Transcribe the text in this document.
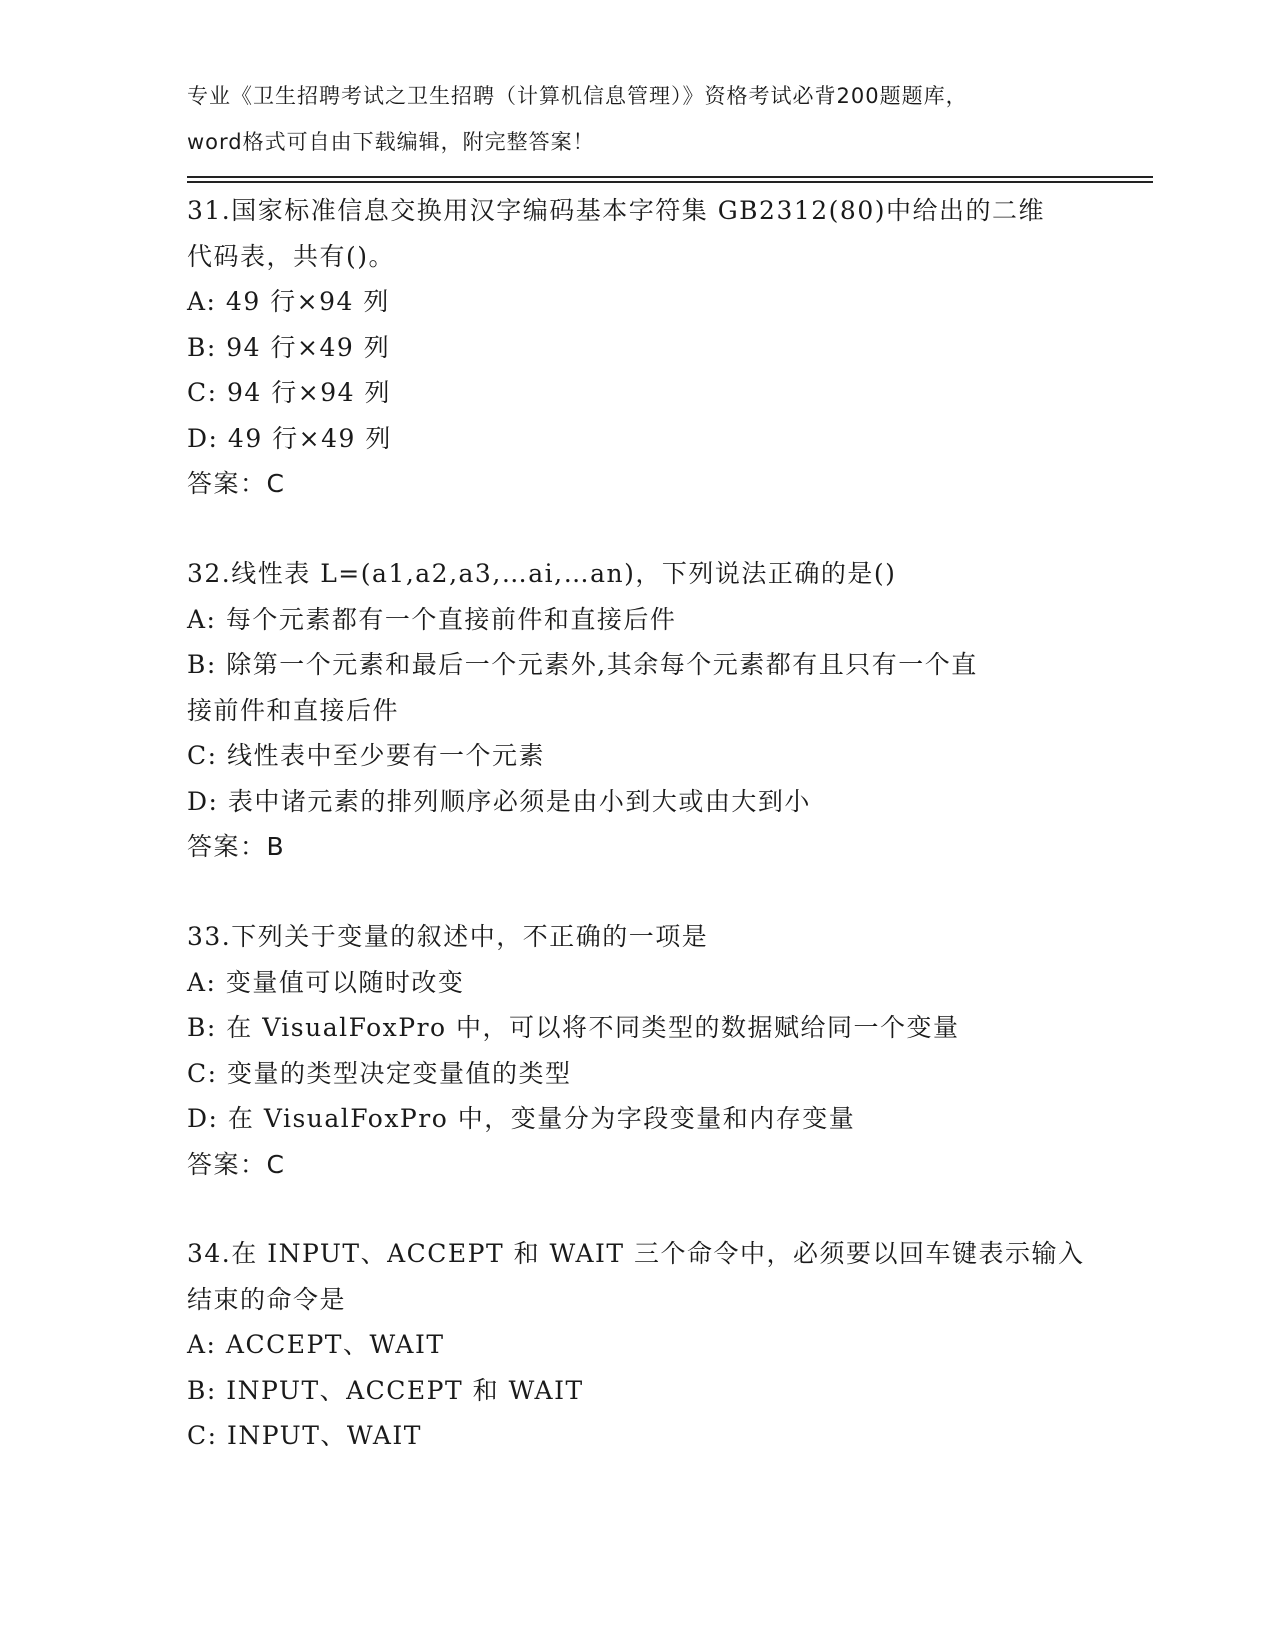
专业《卫生招聘考试之卫生招聘（计算机信息管理）》资格考试必背200题题库，
word格式可自由下载编辑，附完整答案！
31.国家标准信息交换用汉字编码基本字符集 GB2312(80)中给出的二维
代码表，共有()。
A: 49 行×94 列
B: 94 行×49 列
C: 94 行×94 列
D: 49 行×49 列
答案：C
32.线性表 L=(a1,a2,a3,…ai,…an)，下列说法正确的是()
A: 每个元素都有一个直接前件和直接后件
B: 除第一个元素和最后一个元素外,其余每个元素都有且只有一个直
接前件和直接后件
C: 线性表中至少要有一个元素
D: 表中诸元素的排列顺序必须是由小到大或由大到小
答案：B
33.下列关于变量的叙述中，不正确的一项是
A: 变量值可以随时改变
B: 在 VisualFoxPro 中，可以将不同类型的数据赋给同一个变量
C: 变量的类型决定变量值的类型
D: 在 VisualFoxPro 中，变量分为字段变量和内存变量
答案：C
34.在 INPUT、ACCEPT 和 WAIT 三个命令中，必须要以回车键表示输入
结束的命令是
A: ACCEPT、WAIT
B: INPUT、ACCEPT 和 WAIT
C: INPUT、WAIT
